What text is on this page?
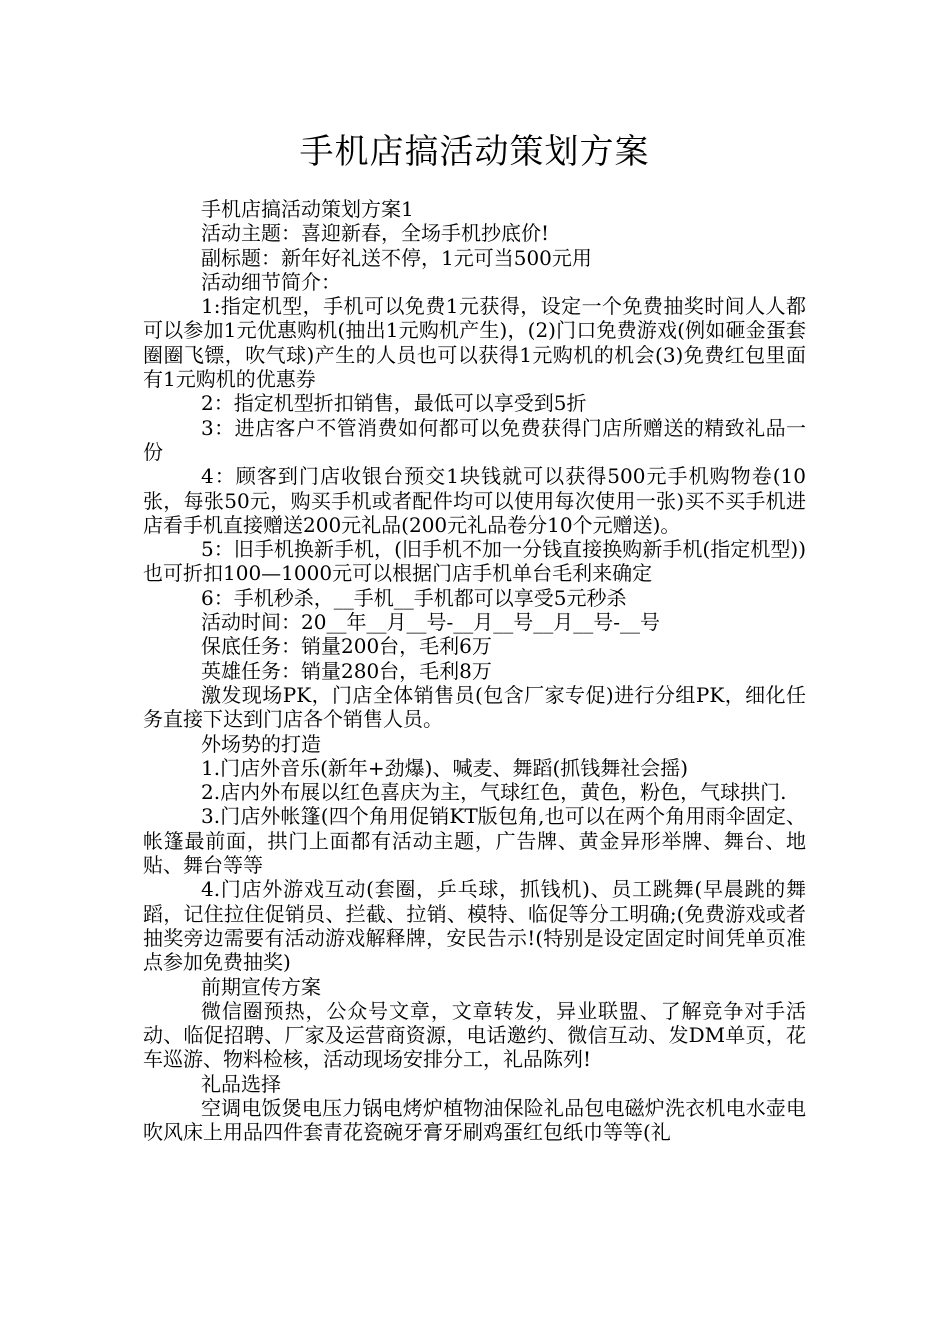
手机店搞活动策划方案

手机店搞活动策划方案1

活动主题：喜迎新春，全场手机抄底价!

副标题：新年好礼送不停，1元可当500元用

活动细节简介：

1:指定机型，手机可以免费1元获得，设定一个免费抽奖时间人人都可以参加1元优惠购机(抽出1元购机产生)，(2)门口免费游戏(例如砸金蛋套圈圈飞镖，吹气球)产生的人员也可以获得1元购机的机会(3)免费红包里面有1元购机的优惠券

2：指定机型折扣销售，最低可以享受到5折

3：进店客户不管消费如何都可以免费获得门店所赠送的精致礼品一份

4：顾客到门店收银台预交1块钱就可以获得500元手机购物卷(10张，每张50元，购买手机或者配件均可以使用每次使用一张)买不买手机进店看手机直接赠送200元礼品(200元礼品卷分10个元赠送)。

5：旧手机换新手机，(旧手机不加一分钱直接换购新手机(指定机型))也可折扣100—1000元可以根据门店手机单台毛利来确定

6：手机秒杀，__手机__手机都可以享受5元秒杀

活动时间：20__年__月__号-__月__号__月__号-__号

保底任务：销量200台，毛利6万

英雄任务：销量280台，毛利8万

激发现场PK，门店全体销售员(包含厂家专促)进行分组PK，细化任务直接下达到门店各个销售人员。

外场势的打造

1.门店外音乐(新年+劲爆)、喊麦、舞蹈(抓钱舞社会摇)

2.店内外布展以红色喜庆为主，气球红色，黄色，粉色，气球拱门.

3.门店外帐篷(四个角用促销KT版包角,也可以在两个角用雨伞固定、帐篷最前面，拱门上面都有活动主题，广告牌、黄金异形举牌、舞台、地贴、舞台等等

4.门店外游戏互动(套圈，乒乓球，抓钱机)、员工跳舞(早晨跳的舞蹈，记住拉住促销员、拦截、拉销、模特、临促等分工明确;(免费游戏或者抽奖旁边需要有活动游戏解释牌，安民告示!(特别是设定固定时间凭单页准点参加免费抽奖)

前期宣传方案

微信圈预热，公众号文章，文章转发，异业联盟、了解竞争对手活动、临促招聘、厂家及运营商资源，电话邀约、微信互动、发DM单页，花车巡游、物料检核，活动现场安排分工，礼品陈列!

礼品选择

空调电饭煲电压力锅电烤炉植物油保险礼品包电磁炉洗衣机电水壶电吹风床上用品四件套青花瓷碗牙膏牙刷鸡蛋红包纸巾等等(礼
